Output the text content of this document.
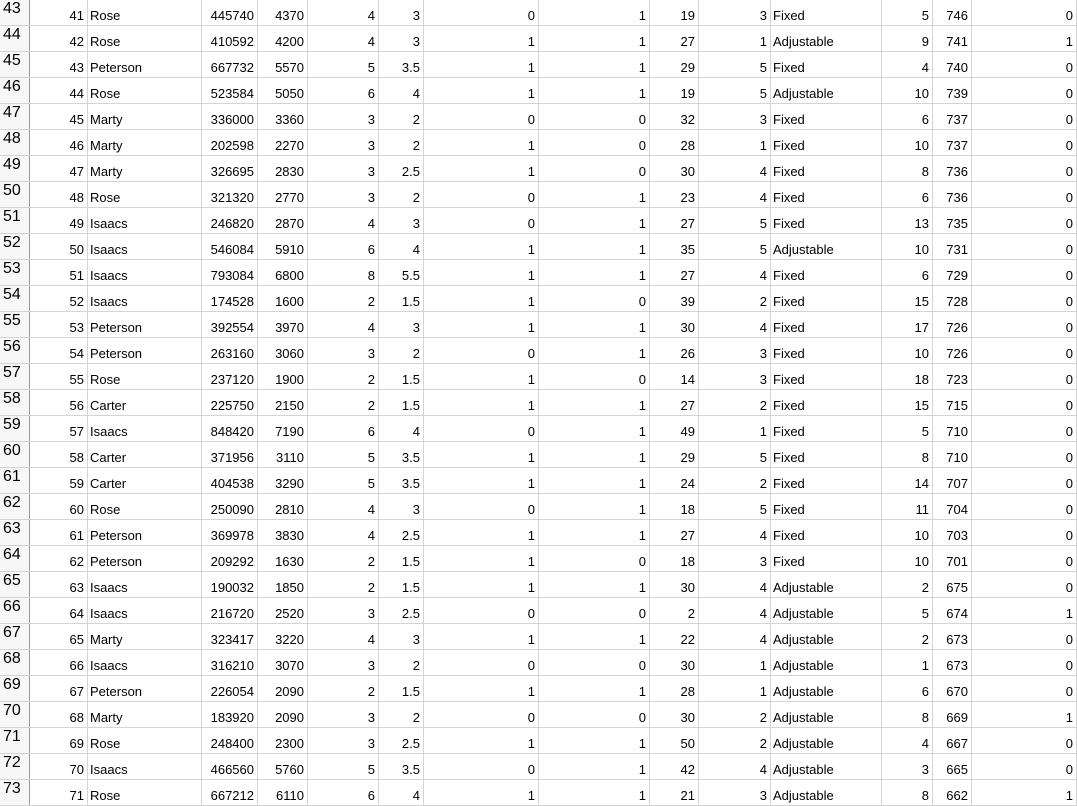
43	41 Rose	445740	4370	4	3	0	1	19	3 Fixed	5	746	0
44	42 Rose	410592	4200	4	3	1	1	27	1 Adjustable	9	741	1
45	43 Peterson	667732	5570	5	3.5	1	1	29	5 Fixed	4	740	0
46	44 Rose	523584	5050	6	4	1	1	19	5 Adjustable	10	739	0
47	45 Marty	336000	3360	3	2	0	0	32	3 Fixed	6	737	0
48	46 Marty	202598	2270	3	2	1	0	28	1 Fixed	10	737	0
49	47 Marty	326695	2830	3	2.5	1	0	30	4 Fixed	8	736	0
50	48 Rose	321320	2770	3	2	0	1	23	4 Fixed	6	736	0
51	49 Isaacs	246820	2870	4	3	0	1	27	5 Fixed	13	735	0
52	50 Isaacs	546084	5910	6	4	1	1	35	5 Adjustable	10	731	0
53	51 Isaacs	793084	6800	8	5.5	1	1	27	4 Fixed	6	729	0
54	52 Isaacs	174528	1600	2	1.5	1	0	39	2 Fixed	15	728	0
55	53 Peterson	392554	3970	4	3	1	1	30	4 Fixed	17	726	0
56	54 Peterson	263160	3060	3	2	0	1	26	3 Fixed	10	726	0
57	55 Rose	237120	1900	2	1.5	1	0	14	3 Fixed	18	723	0
58	56 Carter	225750	2150	2	1.5	1	1	27	2 Fixed	15	715	0
59	57 Isaacs	848420	7190	6	4	0	1	49	1 Fixed	5	710	0
60	58 Carter	371956	3110	5	3.5	1	1	29	5 Fixed	8	710	0
61	59 Carter	404538	3290	5	3.5	1	1	24	2 Fixed	14	707	0
62	60 Rose	250090	2810	4	3	0	1	18	5 Fixed	11	704	0
63	61 Peterson	369978	3830	4	2.5	1	1	27	4 Fixed	10	703	0
64	62 Peterson	209292	1630	2	1.5	1	0	18	3 Fixed	10	701	0
65	63 Isaacs	190032	1850	2	1.5	1	1	30	4 Adjustable	2	675	0
66	64 Isaacs	216720	2520	3	2.5	0	0	2	4 Adjustable	5	674	1
67	65 Marty	323417	3220	4	3	1	1	22	4 Adjustable	2	673	0
68	66 Isaacs	316210	3070	3	2	0	0	30	1 Adjustable	1	673	0
69	67 Peterson	226054	2090	2	1.5	1	1	28	1 Adjustable	6	670	0
70	68 Marty	183920	2090	3	2	0	0	30	2 Adjustable	8	669	1
71	69 Rose	248400	2300	3	2.5	1	1	50	2 Adjustable	4	667	0
72	70 Isaacs	466560	5760	5	3.5	0	1	42	4 Adjustable	3	665	0
73	71 Rose	667212	6110	6	4	1	1	21	3 Adjustable	8	662	1
